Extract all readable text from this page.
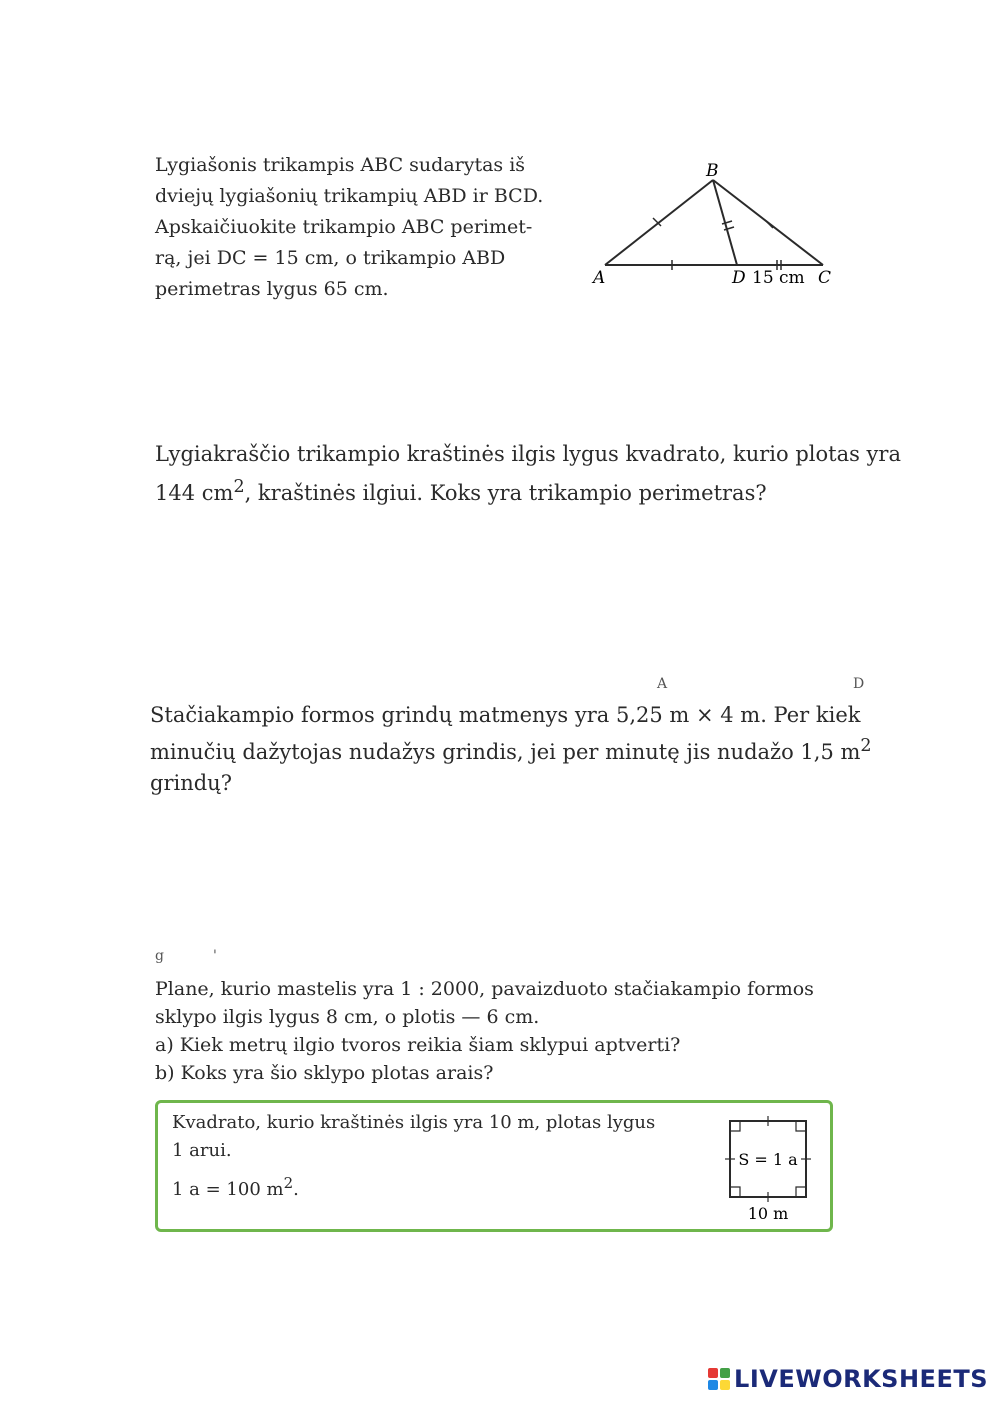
Lygiašonis trikampis ABC sudarytas iš
dviejų lygiašonių trikampių ABD ir BCD.
Apskaičiuokite trikampio ABC perimet-
rą, jei DC = 15 cm, o trikampio ABD
perimetras lygus 65 cm.
B
A	D 15 cm C
Lygiakraščio trikampio kraštinės ilgis lygus kvadrato, kurio plotas yra
144 $cm^2$, kraštinės ilgiui. Koks yra trikampio perimetras?
A	D
Stačiakampio formos grindų matmenys yra 5,25 m × 4 m. Per kiek
minučių dažytojas nudažys grindis, jei per minutę jis nudažo 1,5 $m^2$
grindų?
g	'
Plane, kurio mastelis yra 1 : 2000, pavaizduoto stačiakampio formos
sklypo ilgis lygus 8 cm, o plotis — 6 cm.
a) Kiek metrų ilgio tvoros reikia šiam sklypui aptverti?
b) Koks yra šio sklypo plotas arais?
Kvadrato, kurio kraštinės ilgis yra 10 m, plotas lygus
1 arui.
1 a = 100 $m^2$.
S = 1 a
10 m
LIVEWORKSHEETS
